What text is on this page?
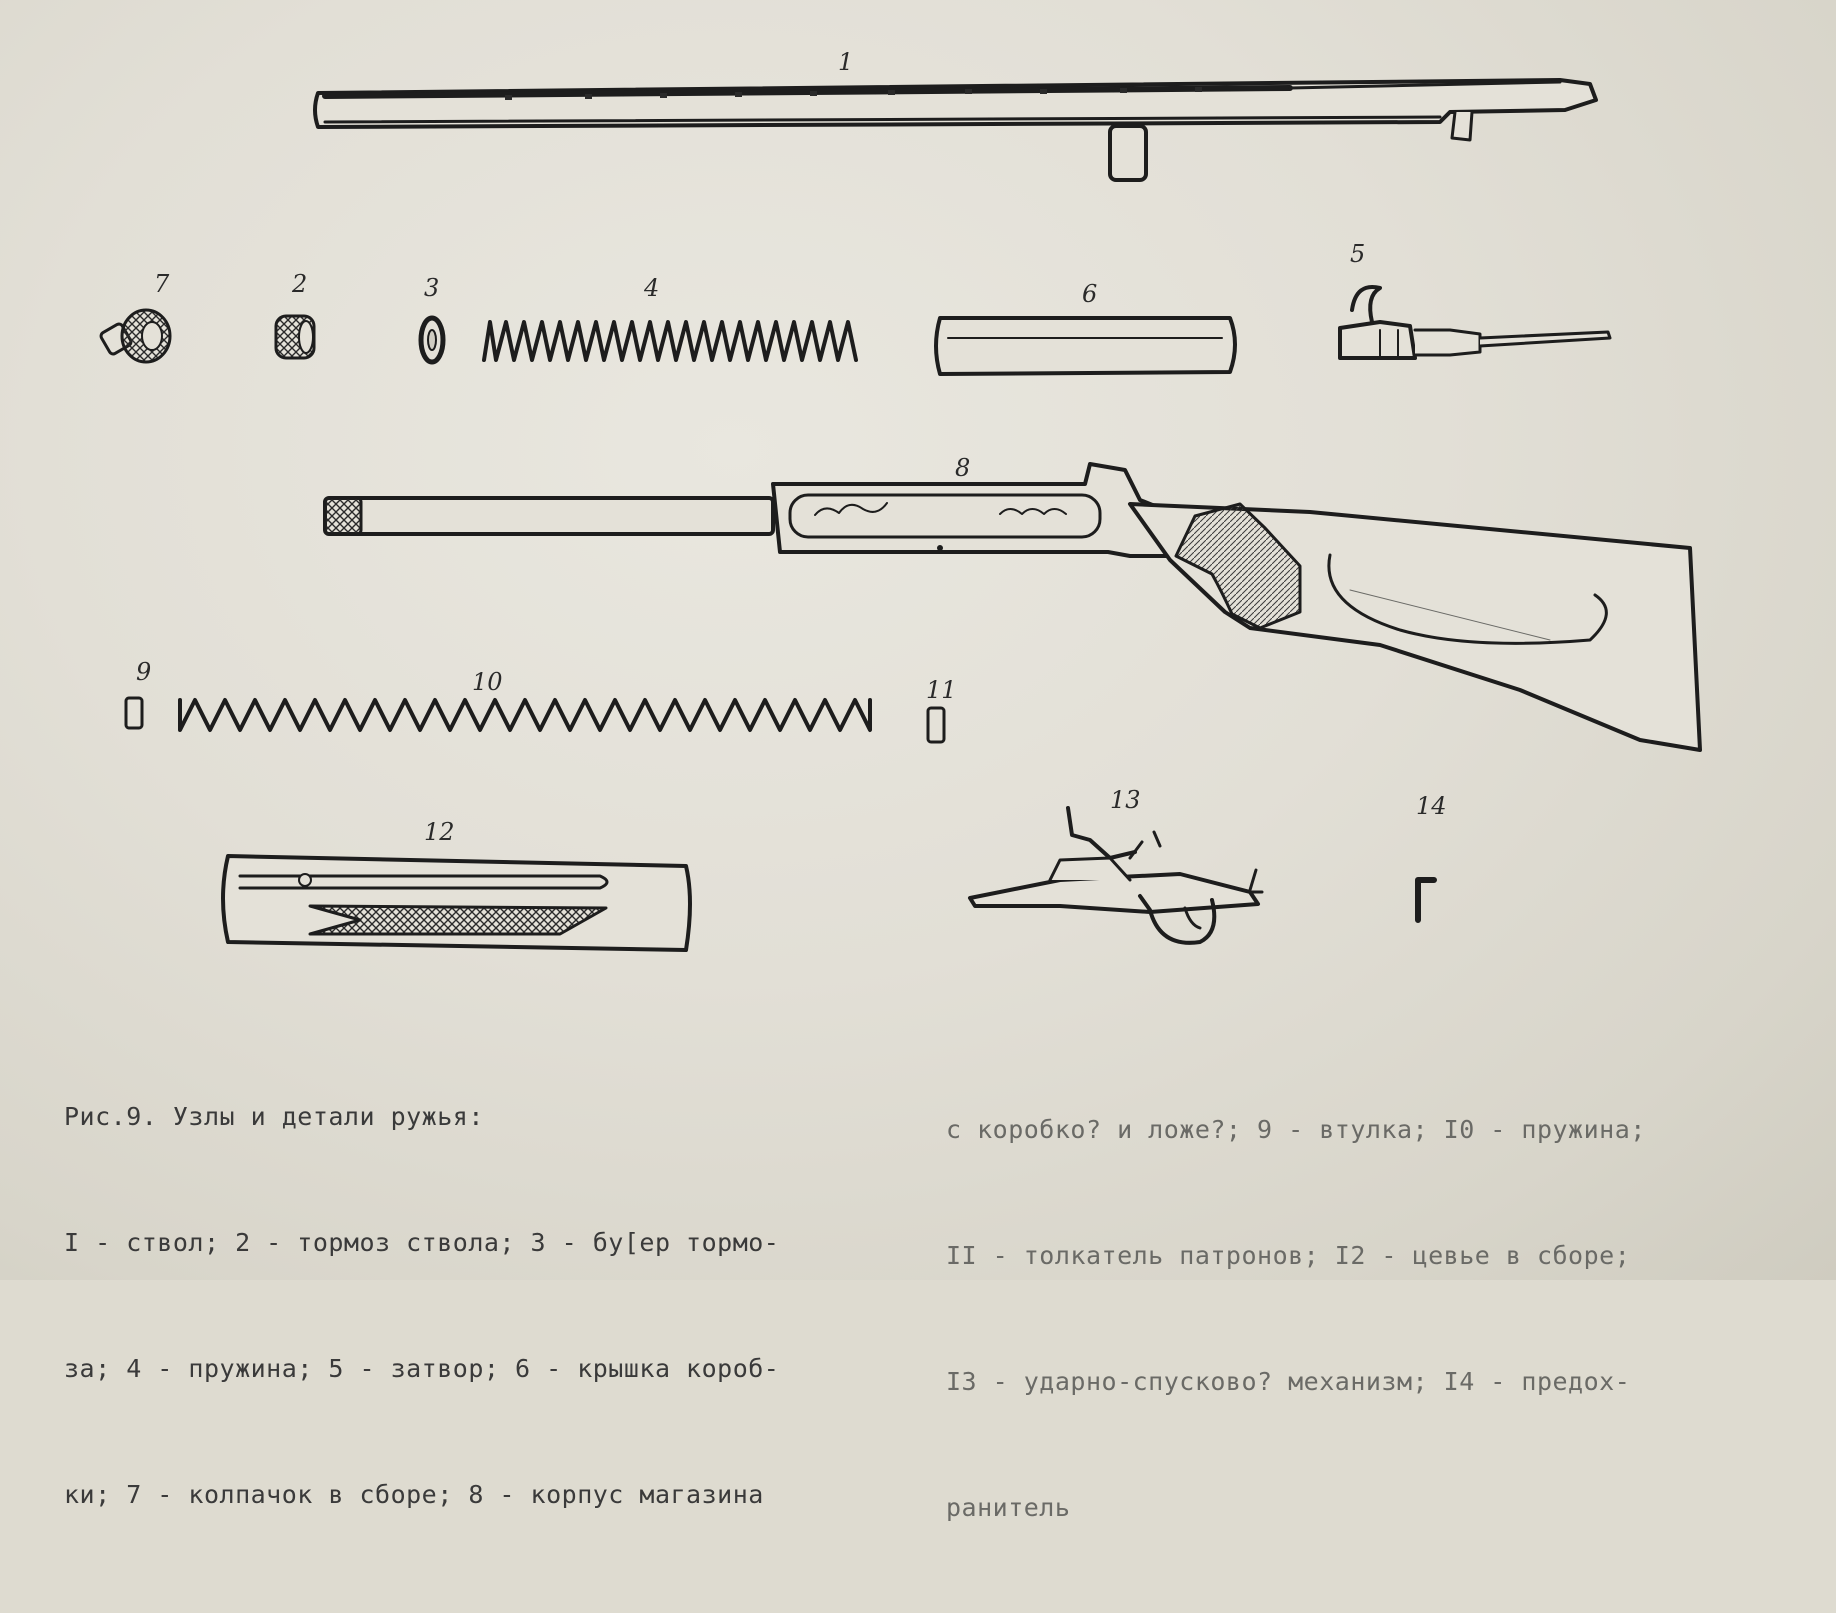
1
7	2	3	4	6
5
8
9	10	11
12
13	14

Рис.9. Узлы и детали ружья:

I - ствол; 2 - тормоз ствола; 3 - бу[ер тормо-

за; 4 - пружина; 5 - затвор; 6 - крышка короб-

ки; 7 - колпачок в сборе; 8 - корпус магазина

с коробко? и ложе?; 9 - втулка; I0 - пружина;

II - толкатель патронов; I2 - цевье в сборе;

I3 - ударно-спусково? механизм; I4 - предох-

ранитель
